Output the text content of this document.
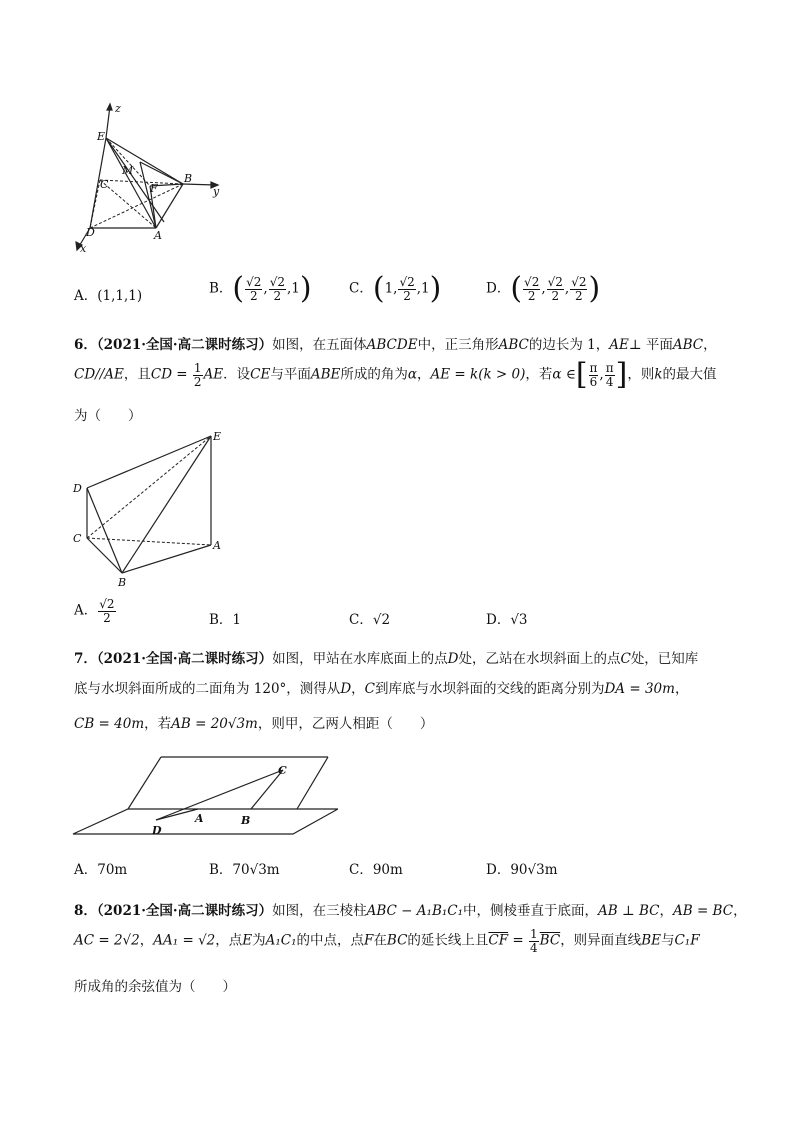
z
y
x
E
M
C	F
B
D	A
A．(1,1,1)	B．( $\frac{√2}{2}$ , $\frac{√2}{2} ,1$)	C．(1, $\frac{√2}{2} ,1$)	D．( $\frac{√2}{2}$ , $\frac{√2}{2}$ , $\frac{√2}{2}$ )
6．（2021·全国·高二课时练习）如图，在五面体ABCDE中，正三角形ABC的边长为 1，AE⊥ 平面ABC，
CD//AE，且CD = $\frac{1}{2}$ AE．设CE与平面ABE所成的角为α，AE = k(k > 0)，若α ∈[ $\frac{\pi}{6}$ , $\frac{\pi}{4}$ ]，则k的最大值
为（　　）
E
D
C
A
B
A． $\frac{√2}{2}$	B．1	C．√2	D．√3
7．（2021·全国·高二课时练习）如图，甲站在水库底面上的点D处，乙站在水坝斜面上的点C处，已知库
底与水坝斜面所成的二面角为 120°，测得从D，C到库底与水坝斜面的交线的距离分别为DA = 30m，
CB = 40m，若AB = 20√3m，则甲，乙两人相距（　　）
C
A	B
D
A．70m	B．70√3m	C．90m	D．90√3m
8．（2021·全国·高二课时练习）如图，在三棱柱ABC − A₁B₁C₁中，侧棱垂直于底面，AB ⊥ BC，AB = BC，
AC = 2√2，AA₁ = √2，点E为A₁C₁的中点，点F在BC的延长线上且$\overline{CF} = \frac{1}{4} \overline{BC}$，则异面直线BE与C₁F
所成角的余弦值为（　　）
